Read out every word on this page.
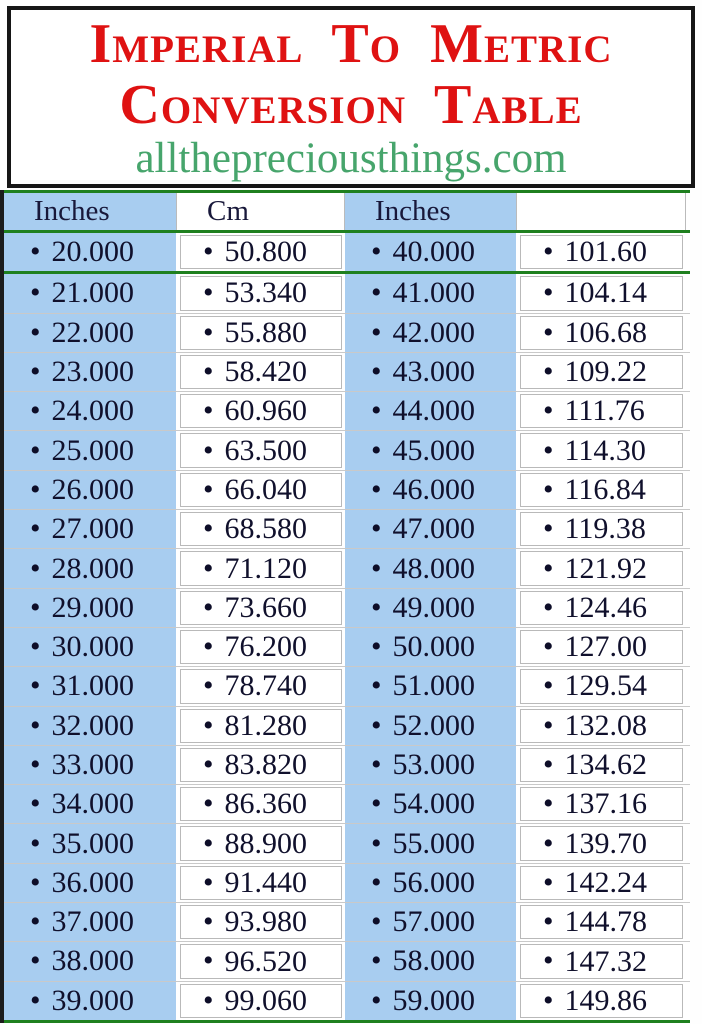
Imperial To Metric
Conversion Table
allthepreciousthings.com
Inches	Cm	Inches
• 20.000 • 50.800 • 40.000 • 101.60
• 21.000 • 53.340 • 41.000 • 104.14
• 22.000 • 55.880 • 42.000 • 106.68
• 23.000 • 58.420 • 43.000 • 109.22
• 24.000 • 60.960 • 44.000 • 111.76
• 25.000 • 63.500 • 45.000 • 114.30
• 26.000 • 66.040 • 46.000 • 116.84
• 27.000 • 68.580 • 47.000 • 119.38
• 28.000 • 71.120 • 48.000 • 121.92
• 29.000 • 73.660 • 49.000 • 124.46
• 30.000 • 76.200 • 50.000 • 127.00
• 31.000 • 78.740 • 51.000 • 129.54
• 32.000 • 81.280 • 52.000 • 132.08
• 33.000 • 83.820 • 53.000 • 134.62
• 34.000 • 86.360 • 54.000 • 137.16
• 35.000 • 88.900 • 55.000 • 139.70
• 36.000 • 91.440 • 56.000 • 142.24
• 37.000 • 93.980 • 57.000 • 144.78
• 38.000 • 96.520 • 58.000 • 147.32
• 39.000 • 99.060 • 59.000 • 149.86
